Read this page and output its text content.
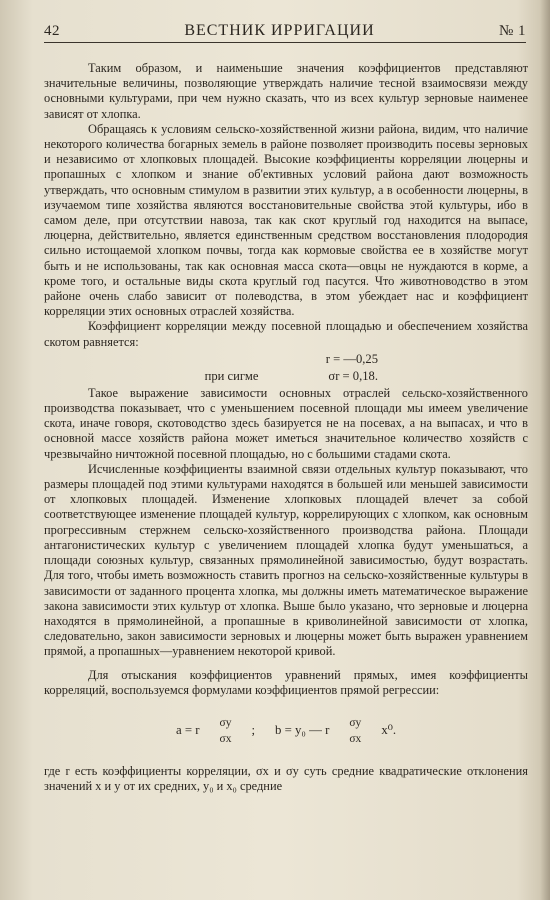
42	ВЕСТНИК ИРРИГАЦИИ	№ 1

Таким образом, и наименьшие значения коэффициентов представляют значительные величины, позволяющие утверждать наличие тесной взаимосвязи между основными культурами, при чем нужно сказать, что из всех культур зерновые наименее зависят от хлопка.

Обращаясь к условиям сельско-хозяйственной жизни района, видим, что наличие некоторого количества богарных земель в районе позволяет производить посевы зерновых и независимо от хлопковых площадей. Высокие коэффициенты корреляции люцерны и пропашных с хлопком и знание об'ективных условий района дают возможность утверждать, что основным стимулом в развитии этих культур, а в особенности люцерны, в изучаемом типе хозяйства являются восстановительные свойства этой культуры, ибо в самом деле, при отсутствии навоза, так как скот круглый год находится на выпасе, люцерна, действительно, является единственным средством восстановления плодородия сильно истощаемой хлопком почвы, тогда как кормовые свойства ее в хозяйстве могут быть и не использованы, так как основная масса скота—овцы не нуждаются в корме, а кроме того, и остальные виды скота круглый год пасутся. Что животноводство в этом районе очень слабо зависит от полеводства, в этом убеждает нас и коэффициент корреляции этих основных отраслей хозяйства.

Коэффициент корреляции между посевной площадью и обеспечением хозяйства скотом равняется:

r = —0,25
при сигме	σr = 0,18.

Такое выражение зависимости основных отраслей сельско-хозяйственного производства показывает, что с уменьшением посевной площади мы имеем увеличение скота, иначе говоря, скотоводство здесь базируется не на посевах, а на выпасах, и что в основной массе хозяйств района может иметься значительное количество хозяйств с чрезвычайно ничтожной посевной площадью, но с большими стадами скота.

Исчисленные коэффициенты взаимной связи отдельных культур показывают, что размеры площадей под этими культурами находятся в большей или меньшей зависимости от хлопковых площадей. Изменение хлопковых площадей влечет за собой соответствующее изменение площадей культур, коррелирующих с хлопком, как основным прогрессивным стержнем сельско-хозяйственного производства района. Площади антагонистических культур с увеличением площадей хлопка будут уменьшаться, а площади союзных культур, связанных прямолинейной зависимостью, будут возрастать. Для того, чтобы иметь возможность ставить прогноз на сельско-хозяйственные культуры в зависимости от заданного процента хлопка, мы должны иметь математическое выражение закона зависимости этих культур от хлопка. Выше было указано, что зерновые и люцерна находятся в прямолинейной, а пропашные в криволинейной зависимости от хлопка, следовательно, закон зависимости зерновых и люцерны может быть выражен уравнением прямой, а пропашных—уравнением некоторой кривой.

Для отыскания коэффициентов уравнений прямых, имея коэффициенты корреляций, воспользуемся формулами коэффициентов прямой регрессии:

a = r
σy
σx
; b = y₀ — r
σy
σx
x⁰.

где r есть коэффициенты корреляции, σx и σy суть средние квадратические отклонения значений x и y от их средних, y₀ и x₀ средние
